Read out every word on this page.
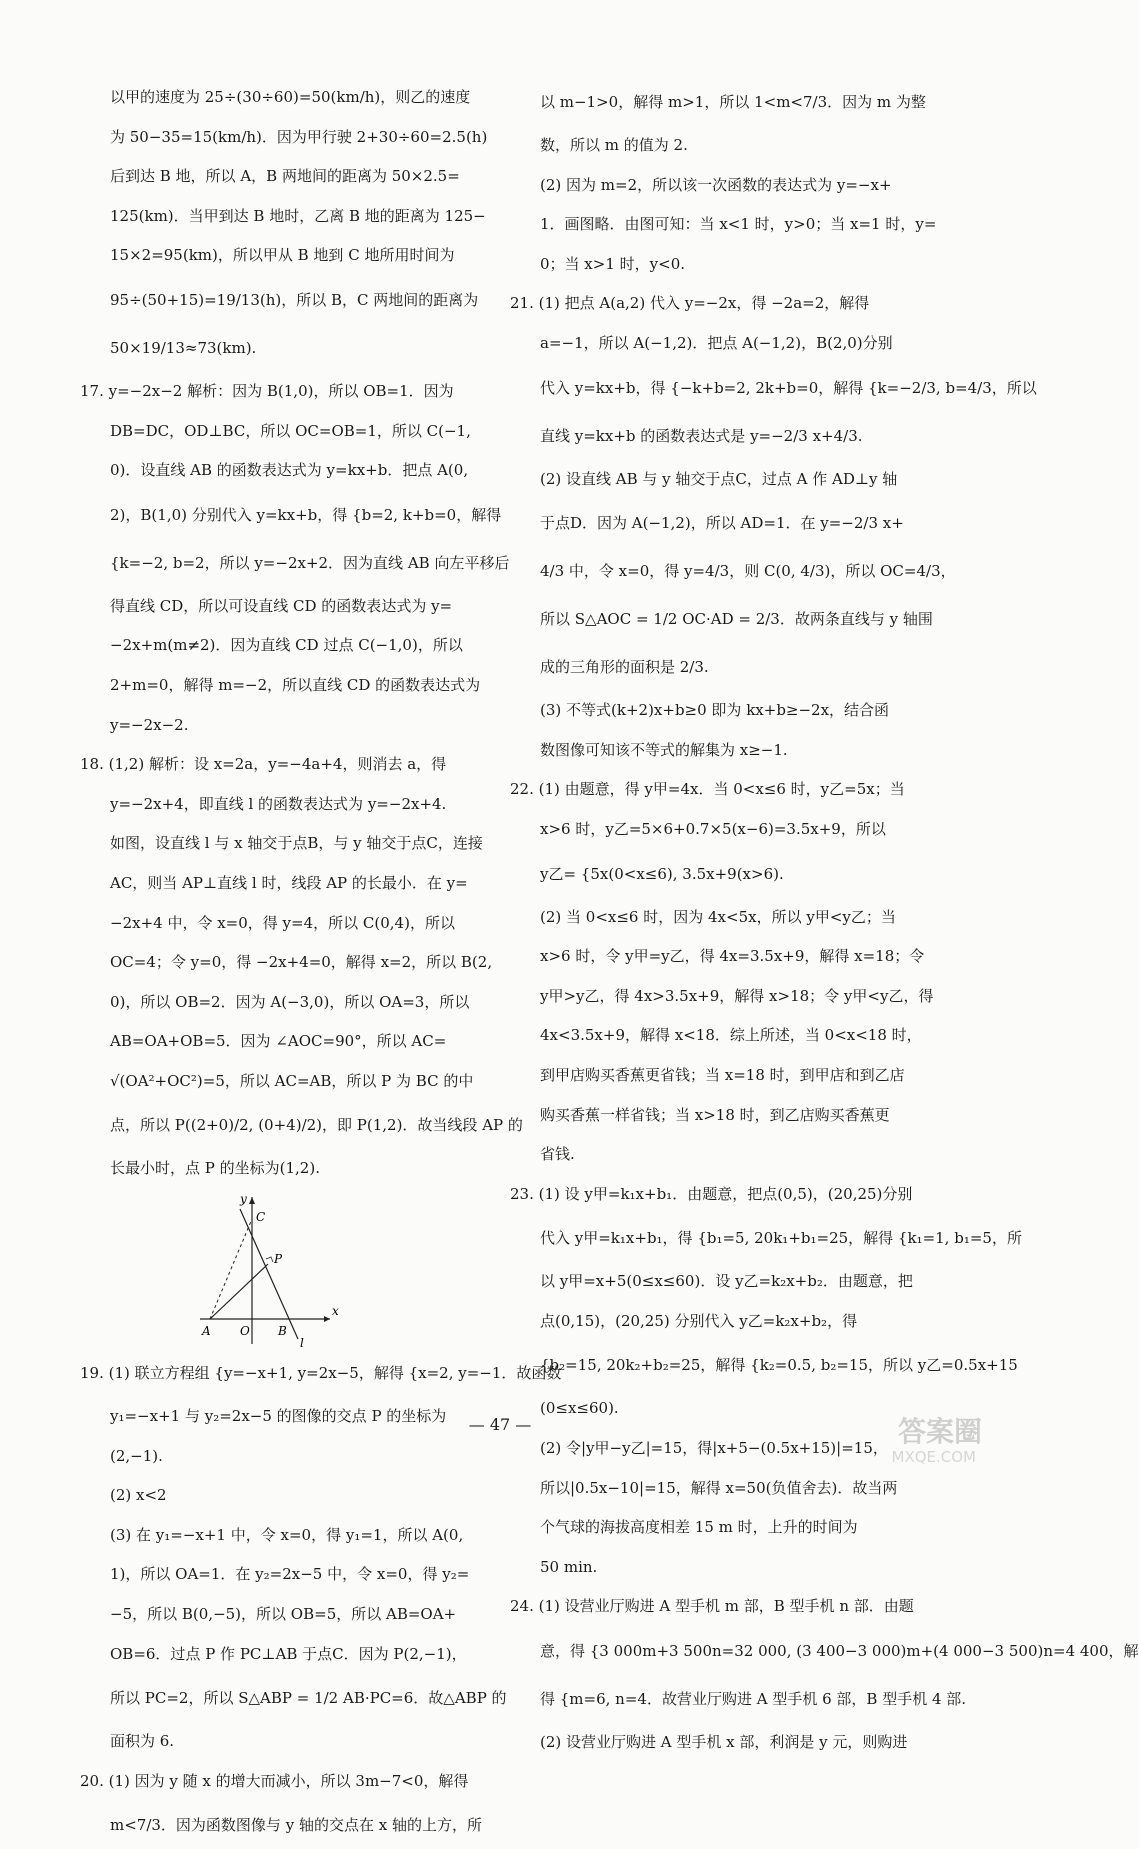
以甲的速度为 25÷(30÷60)=50(km/h)，则乙的速度
为 50−35=15(km/h)．因为甲行驶 2+30÷60=2.5(h)
后到达 B 地，所以 A，B 两地间的距离为 50×2.5=
125(km)．当甲到达 B 地时，乙离 B 地的距离为 125−
15×2=95(km)，所以甲从 B 地到 C 地所用时间为
95÷(50+15)=19/13(h)，所以 B，C 两地间的距离为
50×19/13≈73(km).
17. y=−2x−2 解析：因为 B(1,0)，所以 OB=1．因为
DB=DC，OD⊥BC，所以 OC=OB=1，所以 C(−1,
0)．设直线 AB 的函数表达式为 y=kx+b．把点 A(0,
2)，B(1,0) 分别代入 y=kx+b，得 {b=2, k+b=0，解得
{k=−2, b=2，所以 y=−2x+2．因为直线 AB 向左平移后
得直线 CD，所以可设直线 CD 的函数表达式为 y=
−2x+m(m≠2)．因为直线 CD 过点 C(−1,0)，所以
2+m=0，解得 m=−2，所以直线 CD 的函数表达式为
y=−2x−2.
18. (1,2) 解析：设 x=2a，y=−4a+4，则消去 a，得
y=−2x+4，即直线 l 的函数表达式为 y=−2x+4.
如图，设直线 l 与 x 轴交于点B，与 y 轴交于点C，连接
AC，则当 AP⊥直线 l 时，线段 AP 的长最小．在 y=
−2x+4 中，令 x=0，得 y=4，所以 C(0,4)，所以
OC=4；令 y=0，得 −2x+4=0，解得 x=2，所以 B(2,
0)，所以 OB=2．因为 A(−3,0)，所以 OA=3，所以
AB=OA+OB=5．因为 ∠AOC=90°，所以 AC=
√(OA²+OC²)=5，所以 AC=AB，所以 P 为 BC 的中
点，所以 P((2+0)/2, (0+4)/2)，即 P(1,2)．故当线段 AP 的
长最小时，点 P 的坐标为(1,2).
y
x
C
P
A O B
l
19. (1) 联立方程组 {y=−x+1, y=2x−5，解得 {x=2, y=−1．故函数
y₁=−x+1 与 y₂=2x−5 的图像的交点 P 的坐标为
(2,−1).
(2) x<2
(3) 在 y₁=−x+1 中，令 x=0，得 y₁=1，所以 A(0,
1)，所以 OA=1．在 y₂=2x−5 中，令 x=0，得 y₂=
−5，所以 B(0,−5)，所以 OB=5，所以 AB=OA+
OB=6．过点 P 作 PC⊥AB 于点C．因为 P(2,−1)，
所以 PC=2，所以 S△ABP = 1/2 AB·PC=6．故△ABP 的
面积为 6.
20. (1) 因为 y 随 x 的增大而减小，所以 3m−7<0，解得
m<7/3．因为函数图像与 y 轴的交点在 x 轴的上方，所
以 m−1>0，解得 m>1，所以 1<m<7/3．因为 m 为整
数，所以 m 的值为 2.
(2) 因为 m=2，所以该一次函数的表达式为 y=−x+
1．画图略．由图可知：当 x<1 时，y>0；当 x=1 时，y=
0；当 x>1 时，y<0.
21. (1) 把点 A(a,2) 代入 y=−2x，得 −2a=2，解得
a=−1，所以 A(−1,2)．把点 A(−1,2)，B(2,0)分别
代入 y=kx+b，得 {−k+b=2, 2k+b=0，解得 {k=−2/3, b=4/3，所以
直线 y=kx+b 的函数表达式是 y=−2/3 x+4/3.
(2) 设直线 AB 与 y 轴交于点C，过点 A 作 AD⊥y 轴
于点D．因为 A(−1,2)，所以 AD=1．在 y=−2/3 x+
4/3 中，令 x=0，得 y=4/3，则 C(0, 4/3)，所以 OC=4/3，
所以 S△AOC = 1/2 OC·AD = 2/3．故两条直线与 y 轴围
成的三角形的面积是 2/3.
(3) 不等式(k+2)x+b≥0 即为 kx+b≥−2x，结合函
数图像可知该不等式的解集为 x≥−1.
22. (1) 由题意，得 y甲=4x．当 0<x≤6 时，y乙=5x；当
x>6 时，y乙=5×6+0.7×5(x−6)=3.5x+9，所以
y乙= {5x(0<x≤6), 3.5x+9(x>6).
(2) 当 0<x≤6 时，因为 4x<5x，所以 y甲<y乙；当
x>6 时，令 y甲=y乙，得 4x=3.5x+9，解得 x=18；令
y甲>y乙，得 4x>3.5x+9，解得 x>18；令 y甲<y乙，得
4x<3.5x+9，解得 x<18．综上所述，当 0<x<18 时，
到甲店购买香蕉更省钱；当 x=18 时，到甲店和到乙店
购买香蕉一样省钱；当 x>18 时，到乙店购买香蕉更
省钱.
23. (1) 设 y甲=k₁x+b₁．由题意，把点(0,5)，(20,25)分别
代入 y甲=k₁x+b₁，得 {b₁=5, 20k₁+b₁=25，解得 {k₁=1, b₁=5，所
以 y甲=x+5(0≤x≤60)．设 y乙=k₂x+b₂．由题意，把
点(0,15)，(20,25) 分别代入 y乙=k₂x+b₂，得
{b₂=15, 20k₂+b₂=25，解得 {k₂=0.5, b₂=15，所以 y乙=0.5x+15
(0≤x≤60).
(2) 令|y甲−y乙|=15，得|x+5−(0.5x+15)|=15，
所以|0.5x−10|=15，解得 x=50(负值舍去)．故当两
个气球的海拔高度相差 15 m 时，上升的时间为
50 min.
24. (1) 设营业厅购进 A 型手机 m 部，B 型手机 n 部．由题
意，得 {3 000m+3 500n=32 000, (3 400−3 000)m+(4 000−3 500)n=4 400，解
得 {m=6, n=4．故营业厅购进 A 型手机 6 部，B 型手机 4 部.
(2) 设营业厅购进 A 型手机 x 部，利润是 y 元，则购进
— 47 —	答案圈
MXQE.COM
